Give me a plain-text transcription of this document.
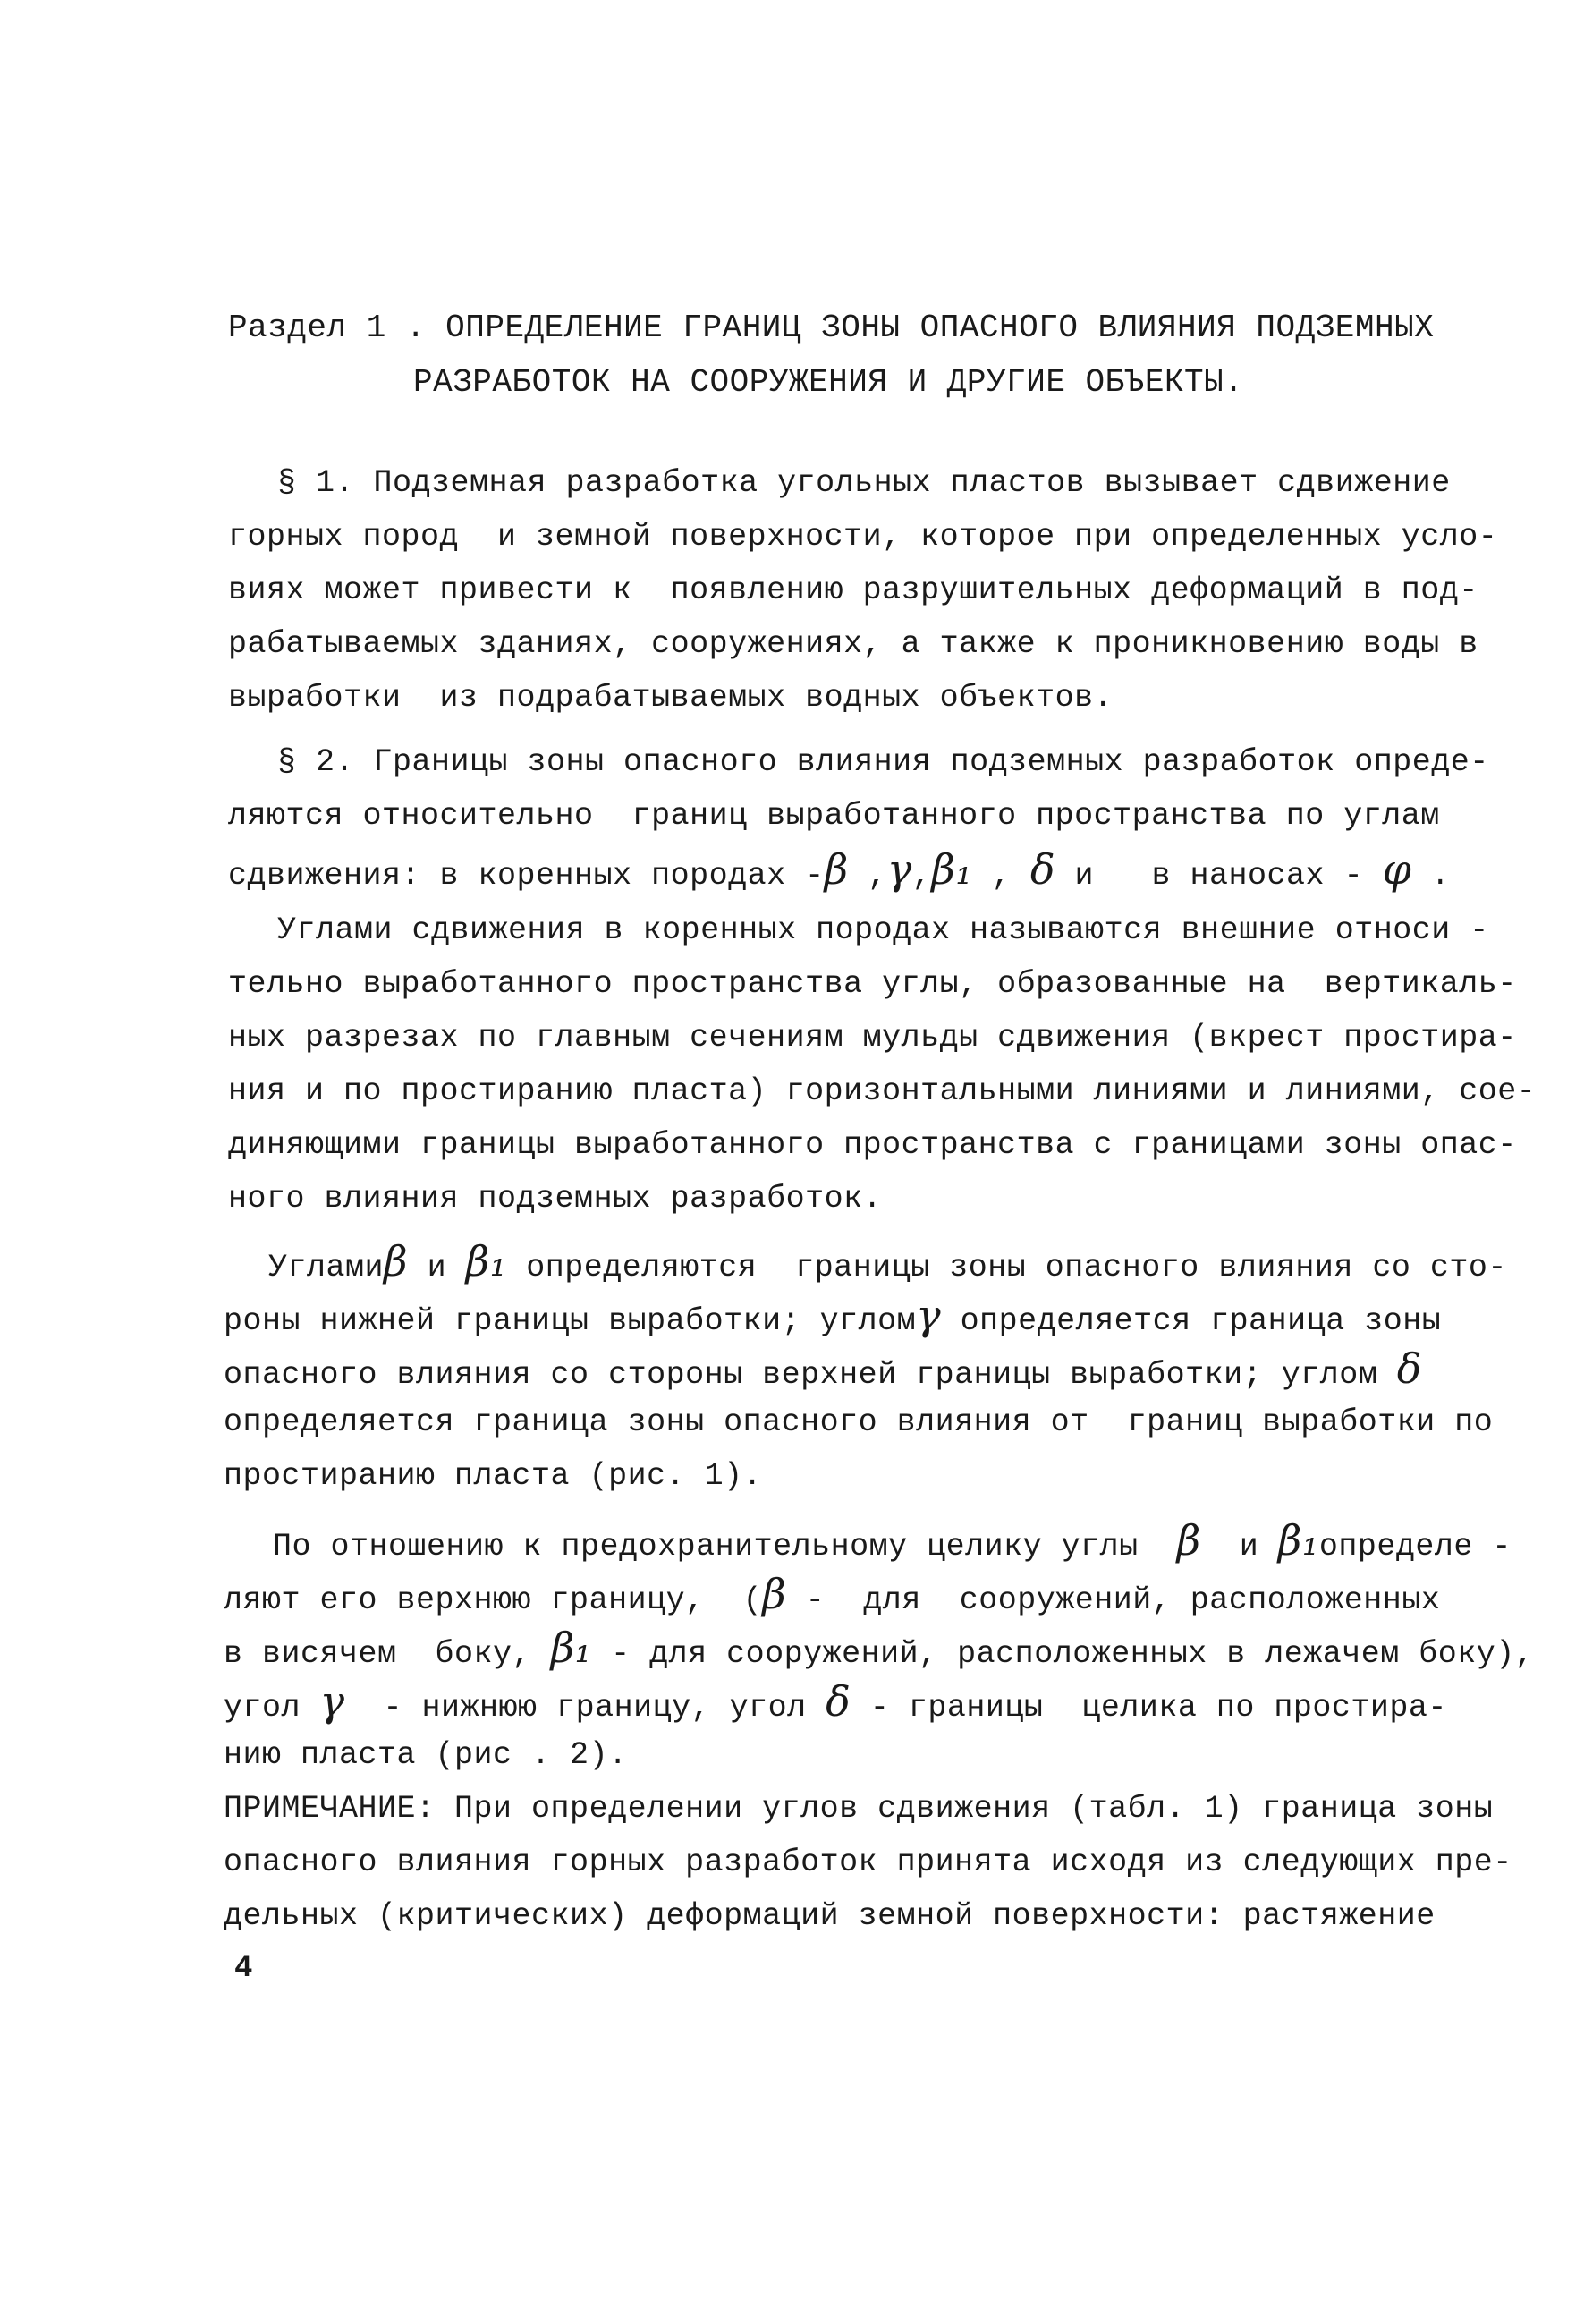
Раздел 1 . ОПРЕДЕЛЕНИЕ ГРАНИЦ ЗОНЫ ОПАСНОГО ВЛИЯНИЯ ПОДЗЕМНЫХ
РАЗРАБОТОК НА СООРУЖЕНИЯ И ДРУГИЕ ОБЪЕКТЫ.
§ 1. Подземная разработка угольных пластов вызывает сдвижение
горных пород  и земной поверхности, которое при определенных усло-
виях может привести к  появлению разрушительных деформаций в под-
рабатываемых зданиях, сооружениях, а также к проникновению воды в
выработки  из подрабатываемых водных объектов.
§ 2. Границы зоны опасного влияния подземных разработок опреде-
ляются относительно  границ выработанного пространства по углам
сдвижения: в коренных породах -β ,γ,β₁ , δ и   в наносах - φ .
Углами сдвижения в коренных породах называются внешние относи -
тельно выработанного пространства углы, образованные на  вертикаль-
ных разрезах по главным сечениям мульды сдвижения (вкрест простира-
ния и по простиранию пласта) горизонтальными линиями и линиями, сое-
диняющими границы выработанного пространства с границами зоны опас-
ного влияния подземных разработок.
Угламиβ и β₁ определяются  границы зоны опасного влияния со сто-
роны нижней границы выработки; угломγ определяется граница зоны
опасного влияния со стороны верхней границы выработки; углом δ
определяется граница зоны опасного влияния от  границ выработки по
простиранию пласта (рис. 1).
По отношению к предохранительному целику углы  β  и β₁определе -
ляют его верхнюю границу,  (β -  для  сооружений, расположенных
в висячем  боку, β₁ - для сооружений, расположенных в лежачем боку),
угол γ  - нижнюю границу, угол δ - границы  целика по простира-
нию пласта (рис . 2).
ПРИМЕЧАНИЕ: При определении углов сдвижения (табл. 1) граница зоны
опасного влияния горных разработок принята исходя из следующих пре-
дельных (критических) деформаций земной поверхности: растяжение
4
